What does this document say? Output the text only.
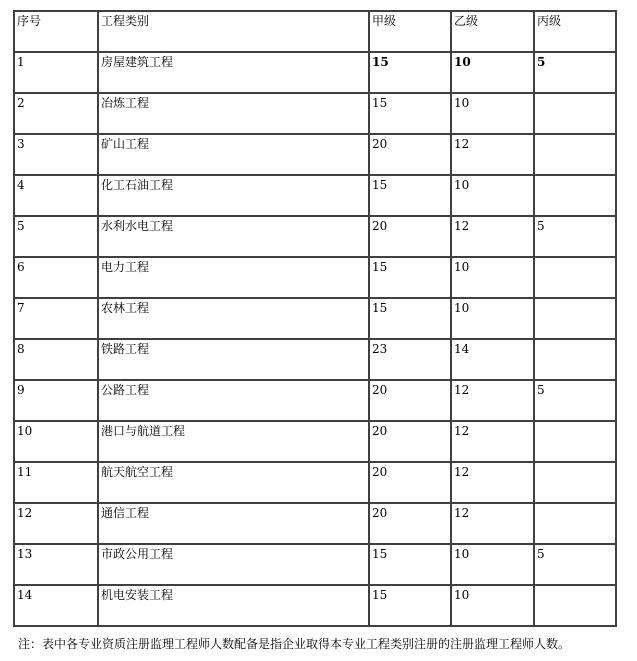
序号	工程类别	甲级	乙级	丙级
1	房屋建筑工程	15	10	5
2	冶炼工程	15	10	
3	矿山工程	20	12	
4	化工石油工程	15	10	
5	水利水电工程	20	12	5
6	电力工程	15	10	
7	农林工程	15	10	
8	铁路工程	23	14	
9	公路工程	20	12	5
10	港口与航道工程	20	12	
11	航天航空工程	20	12	
12	通信工程	20	12	
13	市政公用工程	15	10	5
14	机电安装工程	15	10	
注：表中各专业资质注册监理工程师人数配备是指企业取得本专业工程类别注册的注册监理工程师人数。
